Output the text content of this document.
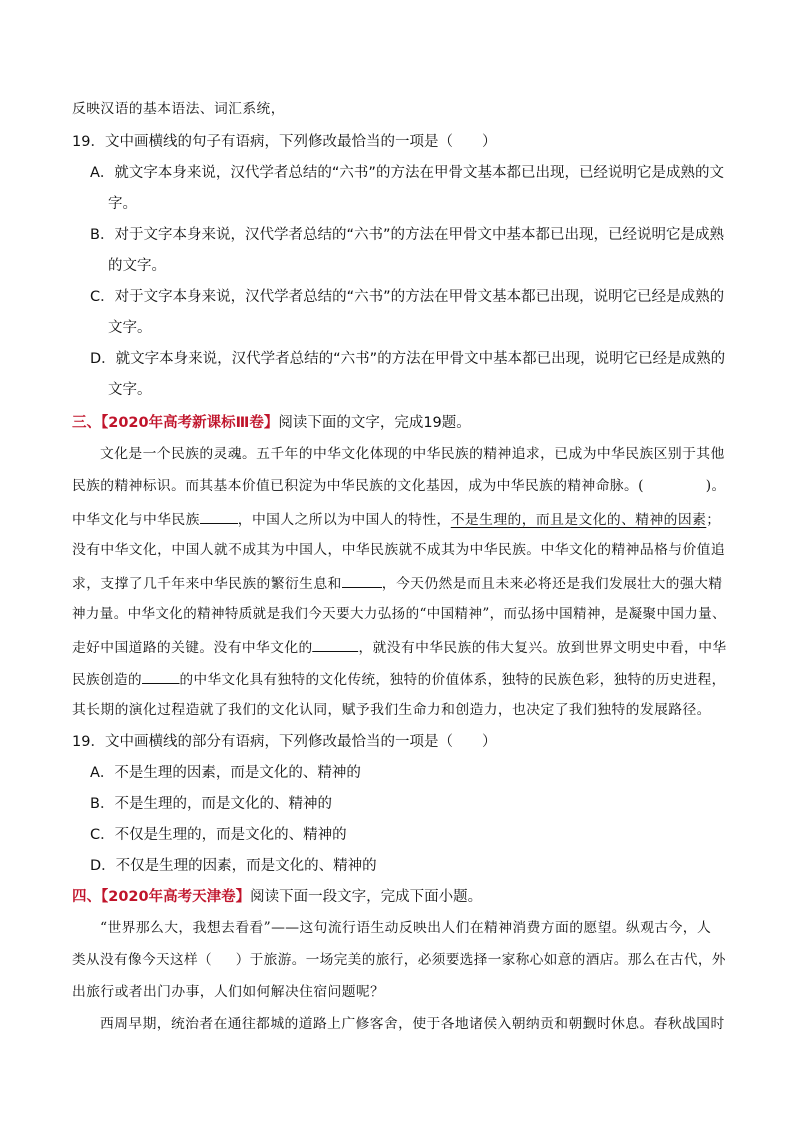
反映汉语的基本语法、词汇系统，
19．文中画横线的句子有语病，下列修改最恰当的一项是（　　）
A．就文字本身来说，汉代学者总结的“六书”的方法在甲骨文基本都已出现，已经说明它是成熟的文
字。
B．对于文字本身来说，汉代学者总结的“六书”的方法在甲骨文中基本都已出现，已经说明它是成熟
的文字。
C．对于文字本身来说，汉代学者总结的“六书”的方法在甲骨文基本都已出现，说明它已经是成熟的
文字。
D．就文字本身来说，汉代学者总结的“六书”的方法在甲骨文中基本都已出现，说明它已经是成熟的
文字。
三、【2020年高考新课标Ⅲ卷】阅读下面的文字，完成19题。
文化是一个民族的灵魂。五千年的中华文化体现的中华民族的精神追求，已成为中华民族区别于其他
民族的精神标识。而其基本价值已积淀为中华民族的文化基因，成为中华民族的精神命脉。(	)。
中华文化与中华民族	，中国人之所以为中国人的特性，不是生理的，而且是文化的、精神的因素；
没有中华文化，中国人就不成其为中国人，中华民族就不成其为中华民族。中华文化的精神品格与价值追
求，支撑了几千年来中华民族的繁衍生息和	，今天仍然是而且未来必将还是我们发展壮大的强大精
神力量。中华文化的精神特质就是我们今天要大力弘扬的“中国精神”，而弘扬中国精神，是凝聚中国力量、
走好中国道路的关键。没有中华文化的	，就没有中华民族的伟大复兴。放到世界文明史中看，中华
民族创造的	的中华文化具有独特的文化传统，独特的价值体系，独特的民族色彩，独特的历史进程，
其长期的演化过程造就了我们的文化认同，赋予我们生命力和创造力，也决定了我们独特的发展路径。
19．文中画横线的部分有语病，下列修改最恰当的一项是（　　）
A．不是生理的因素，而是文化的、精神的
B．不是生理的，而是文化的、精神的
C．不仅是生理的，而是文化的、精神的
D．不仅是生理的因素，而是文化的、精神的
四、【2020年高考天津卷】阅读下面一段文字，完成下面小题。
“世界那么大，我想去看看”——这句流行语生动反映出人们在精神消费方面的愿望。纵观古今，人
类从没有像今天这样（ ）于旅游。一场完美的旅行，必须要选择一家称心如意的酒店。那么在古代，外
出旅行或者出门办事，人们如何解决住宿问题呢？
西周早期，统治者在通往都城的道路上广修客舍，使于各地诸侯入朝纳贡和朝觐时休息。春秋战国时
